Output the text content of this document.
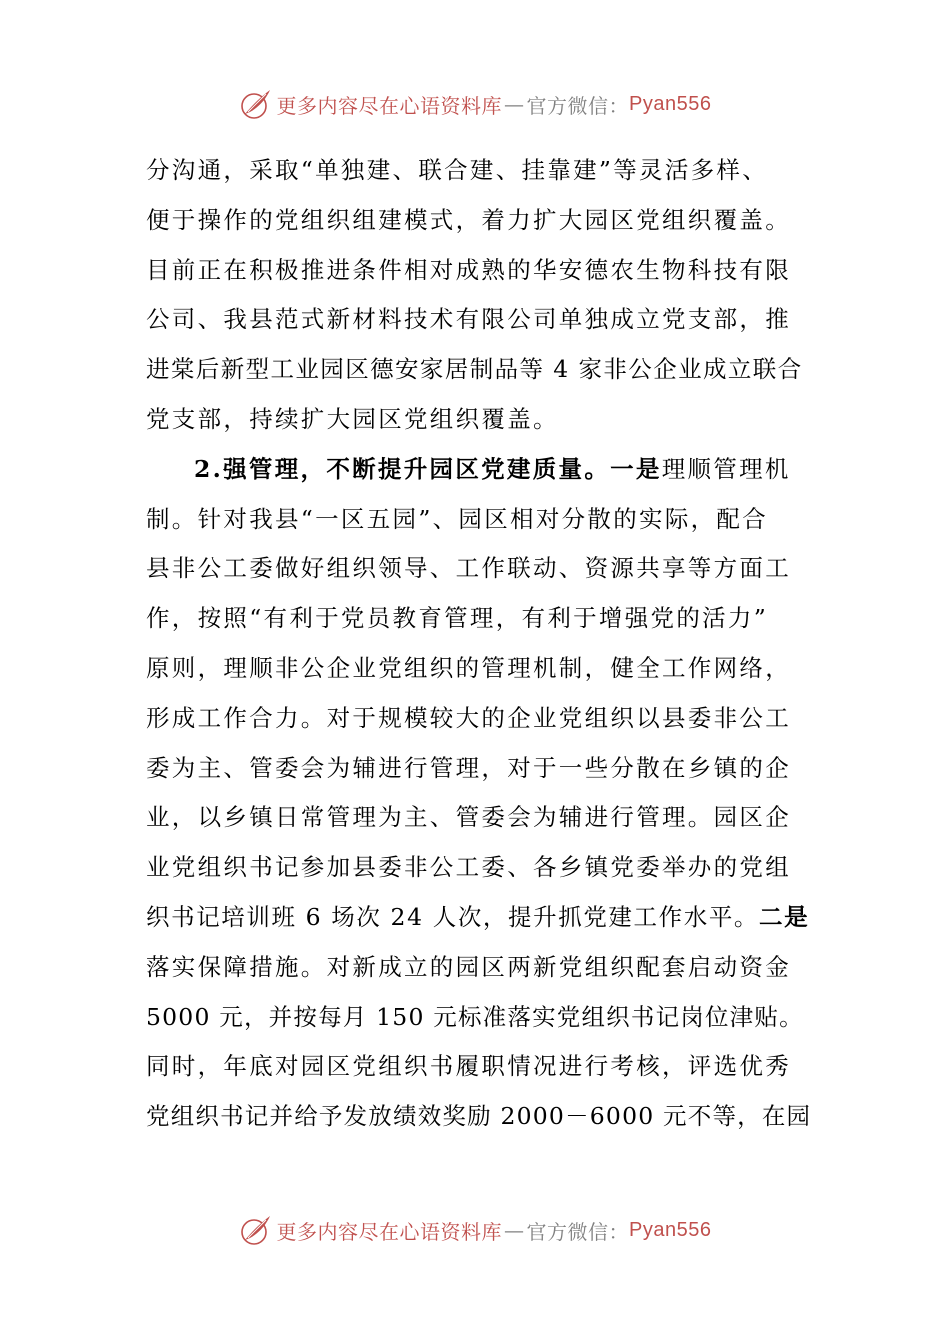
更多内容尽在心语资料库 — 官方微信： Pyan556
分沟通，采取“单独建、联合建、挂靠建”等灵活多样、
便于操作的党组织组建模式，着力扩大园区党组织覆盖。
目前正在积极推进条件相对成熟的华安德农生物科技有限
公司、我县范式新材料技术有限公司单独成立党支部，推
进棠后新型工业园区德安家居制品等 4 家非公企业成立联合
党支部，持续扩大园区党组织覆盖。
2.强管理，不断提升园区党建质量。一是理顺管理机
制。针对我县“一区五园”、园区相对分散的实际，配合
县非公工委做好组织领导、工作联动、资源共享等方面工
作，按照“有利于党员教育管理，有利于增强党的活力”
原则，理顺非公企业党组织的管理机制，健全工作网络，
形成工作合力。对于规模较大的企业党组织以县委非公工
委为主、管委会为辅进行管理，对于一些分散在乡镇的企
业，以乡镇日常管理为主、管委会为辅进行管理。园区企
业党组织书记参加县委非公工委、各乡镇党委举办的党组
织书记培训班 6 场次 24 人次，提升抓党建工作水平。二是
落实保障措施。对新成立的园区两新党组织配套启动资金
5000 元，并按每月 150 元标准落实党组织书记岗位津贴。
同时，年底对园区党组织书履职情况进行考核，评选优秀
党组织书记并给予发放绩效奖励 2000－6000 元不等，在园
更多内容尽在心语资料库 — 官方微信： Pyan556
